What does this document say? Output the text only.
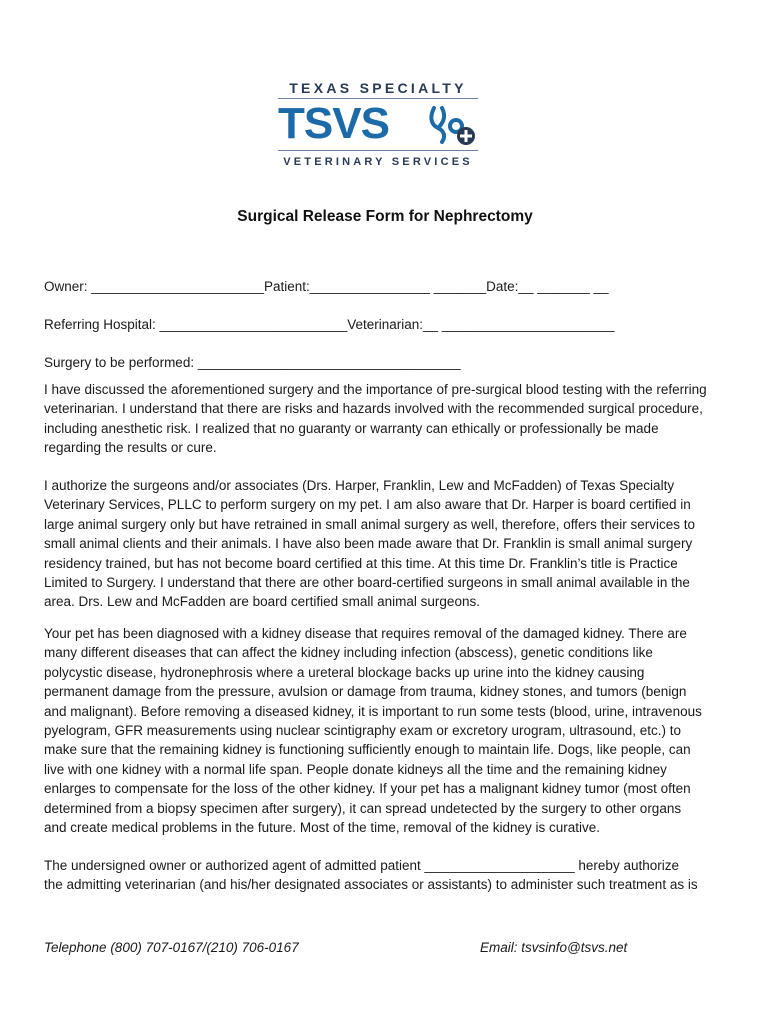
TEXAS SPECIALTY
TSVS
VETERINARY SERVICES
Surgical Release Form for Nephrectomy
Owner: _______________________Patient:________________ _______Date:__ _______ __
Referring Hospital: _________________________Veterinarian:__ _______________________
Surgery to be performed: ___________________________________
I have discussed the aforementioned surgery and the importance of pre-surgical blood testing with the referring
veterinarian. I understand that there are risks and hazards involved with the recommended surgical procedure,
including anesthetic risk. I realized that no guaranty or warranty can ethically or professionally be made
regarding the results or cure.
I authorize the surgeons and/or associates (Drs. Harper, Franklin, Lew and McFadden) of Texas Specialty
Veterinary Services, PLLC to perform surgery on my pet. I am also aware that Dr. Harper is board certified in
large animal surgery only but have retrained in small animal surgery as well, therefore, offers their services to
small animal clients and their animals. I have also been made aware that Dr. Franklin is small animal surgery
residency trained, but has not become board certified at this time. At this time Dr. Franklin’s title is Practice
Limited to Surgery. I understand that there are other board-certified surgeons in small animal available in the
area. Drs. Lew and McFadden are board certified small animal surgeons.
Your pet has been diagnosed with a kidney disease that requires removal of the damaged kidney. There are
many different diseases that can affect the kidney including infection (abscess), genetic conditions like
polycystic disease, hydronephrosis where a ureteral blockage backs up urine into the kidney causing
permanent damage from the pressure, avulsion or damage from trauma, kidney stones, and tumors (benign
and malignant). Before removing a diseased kidney, it is important to run some tests (blood, urine, intravenous
pyelogram, GFR measurements using nuclear scintigraphy exam or excretory urogram, ultrasound, etc.) to
make sure that the remaining kidney is functioning sufficiently enough to maintain life. Dogs, like people, can
live with one kidney with a normal life span. People donate kidneys all the time and the remaining kidney
enlarges to compensate for the loss of the other kidney. If your pet has a malignant kidney tumor (most often
determined from a biopsy specimen after surgery), it can spread undetected by the surgery to other organs
and create medical problems in the future. Most of the time, removal of the kidney is curative.
The undersigned owner or authorized agent of admitted patient ____________________ hereby authorize
the admitting veterinarian (and his/her designated associates or assistants) to administer such treatment as is
Telephone (800) 707-0167/(210) 706-0167	Email: tsvsinfo@tsvs.net
